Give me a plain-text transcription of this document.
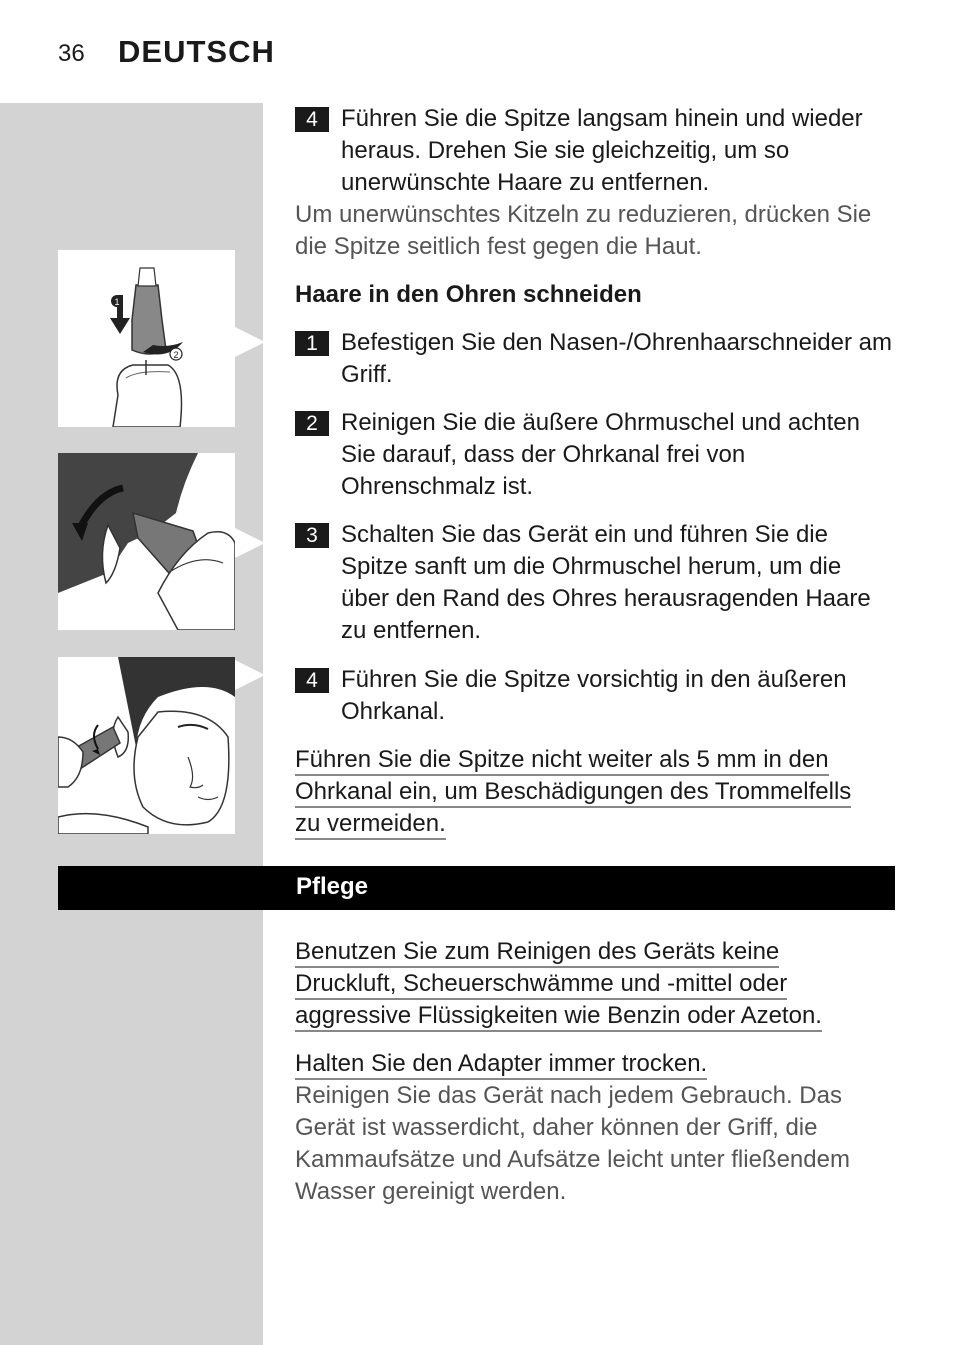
36 DEUTSCH
1
2
4 Führen Sie die Spitze langsam hinein und wieder heraus. Drehen Sie sie gleichzeitig, um so unerwünschte Haare zu entfernen.
Um unerwünschtes Kitzeln zu reduzieren, drücken Sie die Spitze seitlich fest gegen die Haut.
Haare in den Ohren schneiden
1 Befestigen Sie den Nasen-/Ohrenhaarschneider am Griff.
2 Reinigen Sie die äußere Ohrmuschel und achten Sie darauf, dass der Ohrkanal frei von Ohrenschmalz ist.
3 Schalten Sie das Gerät ein und führen Sie die Spitze sanft um die Ohrmuschel herum, um die über den Rand des Ohres herausragenden Haare zu entfernen.
4 Führen Sie die Spitze vorsichtig in den äußeren Ohrkanal.
Führen Sie die Spitze nicht weiter als 5 mm in den
Ohrkanal ein, um Beschädigungen des Trommelfells
zu vermeiden.
Pflege
Benutzen Sie zum Reinigen des Geräts keine
Druckluft, Scheuerschwämme und -mittel oder
aggressive Flüssigkeiten wie Benzin oder Azeton.
Halten Sie den Adapter immer trocken.
Reinigen Sie das Gerät nach jedem Gebrauch. Das Gerät ist wasserdicht, daher können der Griff, die Kammaufsätze und Aufsätze leicht unter fließendem Wasser gereinigt werden.
